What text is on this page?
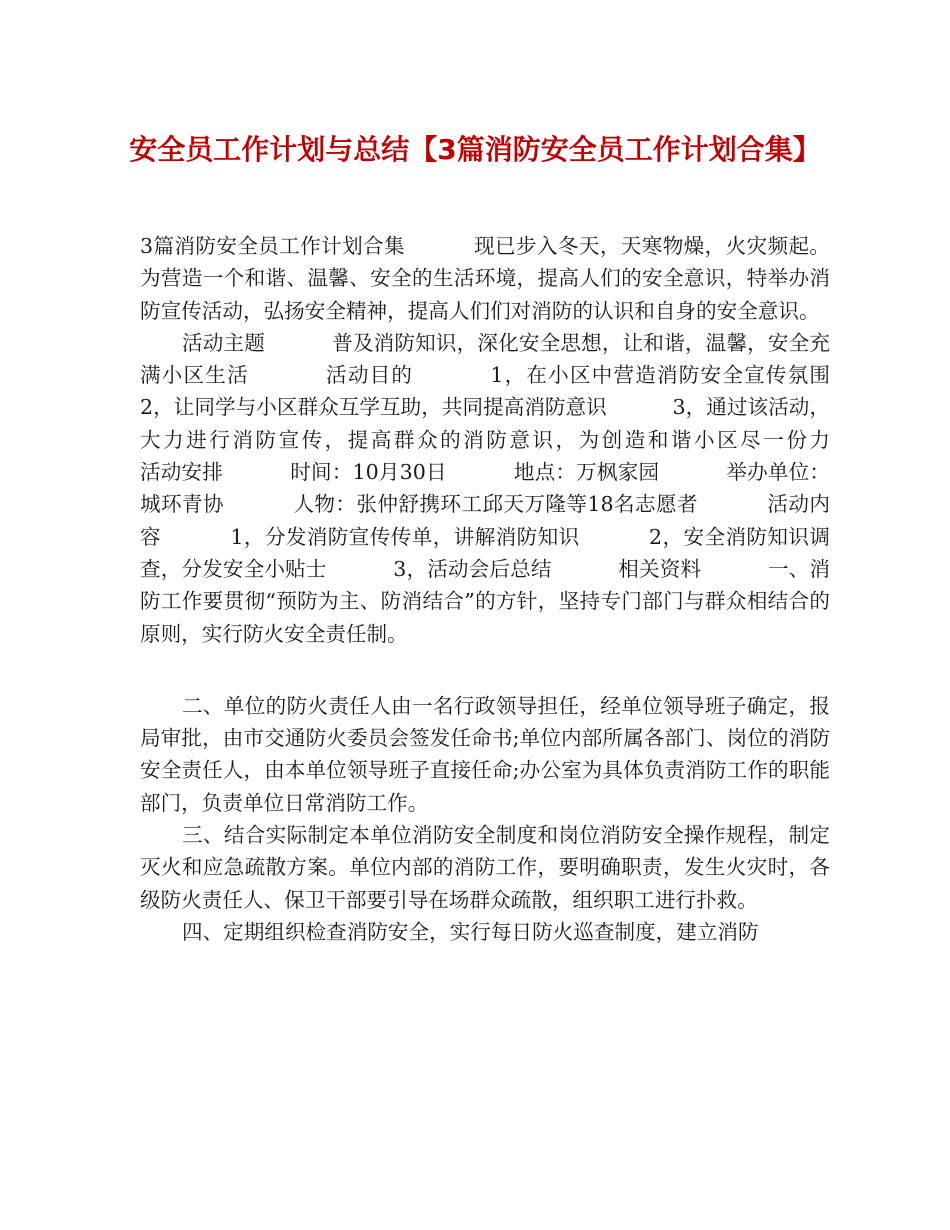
安全员工作计划与总结【3篇消防安全员工作计划合集】

3篇消防安全员工作计划合集          现已步入冬天，天寒物燥，火灾频起。为营造一个和谐、温馨、安全的生活环境，提高人们的安全意识，特举办消防宣传活动，弘扬安全精神，提高人们们对消防的认识和自身的安全意识。

活动主题          普及消防知识，深化安全思想，让和谐，温馨，安全充满小区生活          活动目的          1，在小区中营造消防安全宣传氛围          2，让同学与小区群众互学互助，共同提高消防意识          3，通过该活动，大力进行消防宣传，提高群众的消防意识，为创造和谐小区尽一份力          活动安排          时间：10月30日          地点：万枫家园          举办单位：城环青协          人物：张仲舒携环工邱天万隆等18名志愿者          活动内容          1，分发消防宣传传单，讲解消防知识          2，安全消防知识调查，分发安全小贴士          3，活动会后总结          相关资料          一、消防工作要贯彻“预防为主、防消结合”的方针，坚持专门部门与群众相结合的原则，实行防火安全责任制。

二、单位的防火责任人由一名行政领导担任，经单位领导班子确定，报局审批，由市交通防火委员会签发任命书;单位内部所属各部门、岗位的消防安全责任人，由本单位领导班子直接任命;办公室为具体负责消防工作的职能部门，负责单位日常消防工作。

三、结合实际制定本单位消防安全制度和岗位消防安全操作规程，制定灭火和应急疏散方案。单位内部的消防工作，要明确职责，发生火灾时，各级防火责任人、保卫干部要引导在场群众疏散，组织职工进行扑救。

四、定期组织检查消防安全，实行每日防火巡查制度，建立消防
